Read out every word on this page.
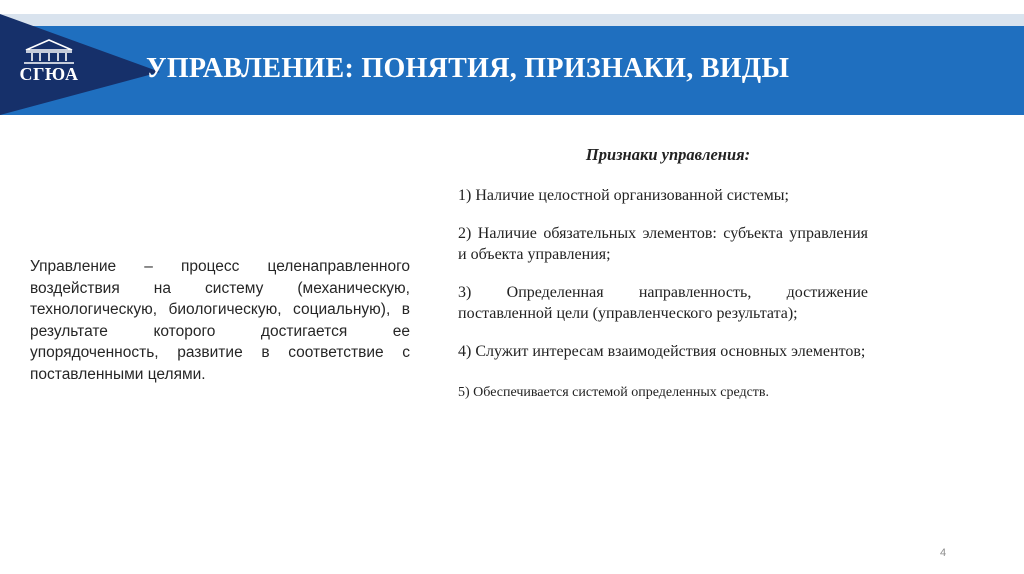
СГЮА УПРАВЛЕНИЕ: ПОНЯТИЯ, ПРИЗНАКИ, ВИДЫ
Управление – процесс целенаправленного воздействия на систему (механическую, технологическую, биологическую, социальную), в результате которого достигается ее упорядоченность, развитие в соответствие с поставленными целями.
Признаки управления:
1) Наличие целостной организованной системы;
2) Наличие обязательных элементов: субъекта управления и объекта управления;
3) Определенная направленность, достижение поставленной цели (управленческого результата);
4) Служит интересам взаимодействия основных элементов;
5) Обеспечивается системой определенных средств.
4
